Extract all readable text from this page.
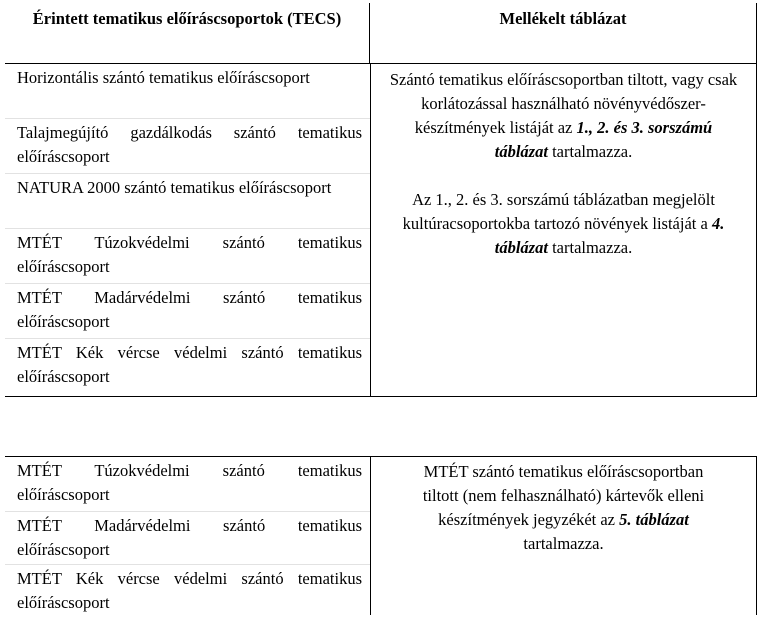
Érintett tematikus előíráscsoportok (TECS)	Mellékelt táblázat
Horizontális szántó tematikus előíráscsoport
Talajmegújító gazdálkodás szántó tematikus előíráscsoport
NATURA 2000 szántó tematikus előíráscsoport
MTÉT Túzokvédelmi szántó tematikus előíráscsoport
MTÉT Madárvédelmi szántó tematikus előíráscsoport
MTÉT Kék vércse védelmi szántó tematikus előíráscsoport

Szántó tematikus előíráscsoportban tiltott, vagy csak korlátozással használható növényvédőszer-készítmények listáját az 1., 2. és 3. sorszámú táblázat tartalmazza.

Az 1., 2. és 3. sorszámú táblázatban megjelölt kultúracsoportokba tartozó növények listáját a 4. táblázat tartalmazza.

MTÉT Túzokvédelmi szántó tematikus előíráscsoport
MTÉT Madárvédelmi szántó tematikus előíráscsoport
MTÉT Kék vércse védelmi szántó tematikus előíráscsoport

MTÉT szántó tematikus előíráscsoportban tiltott (nem felhasználható) kártevők elleni készítmények jegyzékét az 5. táblázat tartalmazza.
